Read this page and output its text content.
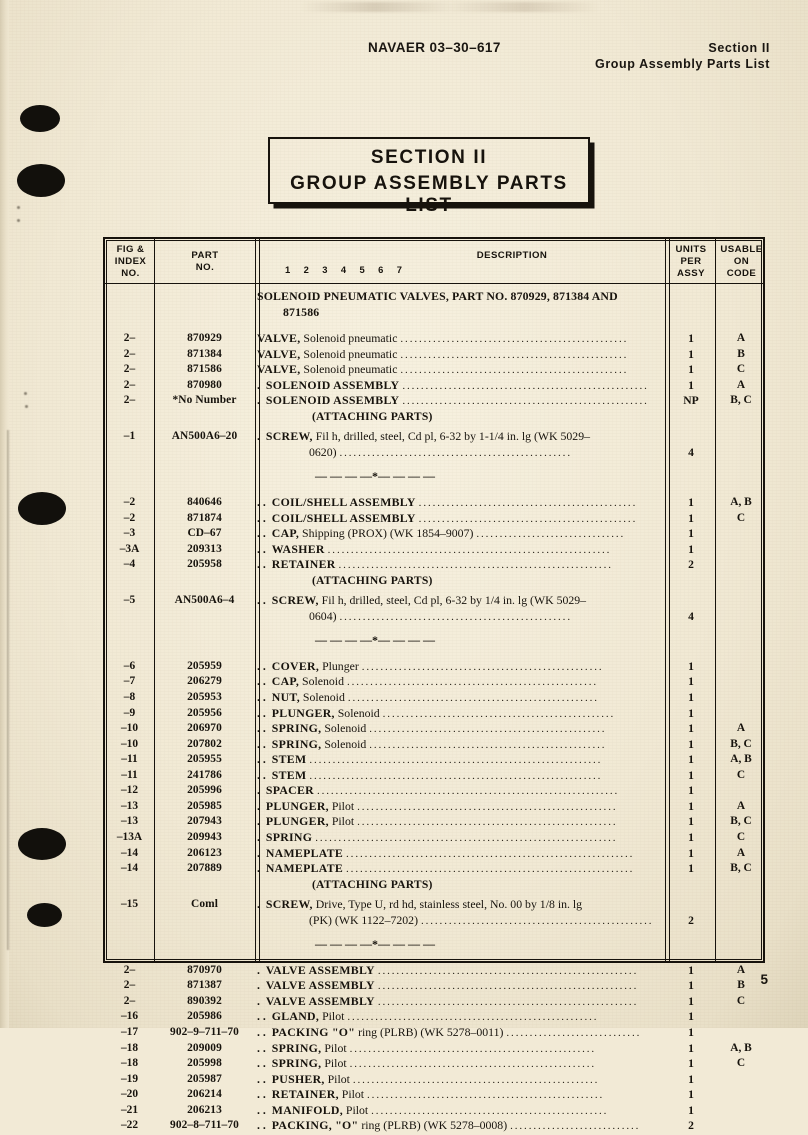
NAVAER 03–30–617	Section II
Group Assembly Parts List
SECTION II
GROUP ASSEMBLY PARTS LIST
FIG &
INDEX
NO.
PART
NO.
DESCRIPTION
1 2 3 4 5 6 7
UNITS
PER
ASSY
USABLE
ON
CODE
SOLENOID PNEUMATIC VALVES, PART NO. 870929, 871384 AND
871586
2–	870929	VALVE, Solenoid pneumatic .................................................	1	A
2–	871384	VALVE, Solenoid pneumatic .................................................	1	B
2–	871586	VALVE, Solenoid pneumatic .................................................	1	C
2–	870980	. SOLENOID ASSEMBLY .....................................................	1	A
2–	*No Number	. SOLENOID ASSEMBLY .....................................................	NP	B, C
(ATTACHING PARTS)
–1	AN500A6–20	. SCREW, Fil h, drilled, steel, Cd pl, 6-32 by 1-1/4 in. lg (WK 5029–
0620) ..................................................	4
— — — —*— — — —
–2	840646	. . COIL/SHELL ASSEMBLY ...............................................	1	A, B
–2	871874	. . COIL/SHELL ASSEMBLY ...............................................	1	C
–3	CD–67	. . CAP, Shipping (PROX) (WK 1854–9007) ................................	1
–3A	209313	. . WASHER .............................................................	1
–4	205958	. . RETAINER ...........................................................	2
(ATTACHING PARTS)
–5	AN500A6–4	. . SCREW, Fil h, drilled, steel, Cd pl, 6-32 by 1/4 in. lg (WK 5029–
0604) ..................................................	4
— — — —*— — — —
–6	205959	. . COVER, Plunger ....................................................	1
–7	206279	. . CAP, Solenoid ......................................................	1
–8	205953	. . NUT, Solenoid ......................................................	1
–9	205956	. . PLUNGER, Solenoid ..................................................	1
–10	206970	. . SPRING, Solenoid ...................................................	1	A
–10	207802	. . SPRING, Solenoid ...................................................	1	B, C
–11	205955	. . STEM ...............................................................	1	A, B
–11	241786	. . STEM ...............................................................	1	C
–12	205996	. SPACER .................................................................	1
–13	205985	. PLUNGER, Pilot ........................................................	1	A
–13	207943	. PLUNGER, Pilot ........................................................	1	B, C
–13A	209943	. SPRING .................................................................	1	C
–14	206123	. NAMEPLATE ..............................................................	1	A
–14	207889	. NAMEPLATE ..............................................................	1	B, C
(ATTACHING PARTS)
–15	Coml	. SCREW, Drive, Type U, rd hd, stainless steel, No. 00 by 1/8 in. lg
(PK) (WK 1122–7202) ..................................................	2
— — — —*— — — —
2–	870970	. VALVE ASSEMBLY ........................................................	1	A
2–	871387	. VALVE ASSEMBLY ........................................................	1	B
2–	890392	. VALVE ASSEMBLY ........................................................	1	C
–16	205986	. . GLAND, Pilot ......................................................	1
–17	902–9–711–70	. . PACKING "O" ring (PLRB) (WK 5278–0011) .............................	1
–18	209009	. . SPRING, Pilot .....................................................	1	A, B
–18	205998	. . SPRING, Pilot .....................................................	1	C
–19	205987	. . PUSHER, Pilot .....................................................	1
–20	206214	. . RETAINER, Pilot ...................................................	1
–21	206213	. . MANIFOLD, Pilot ...................................................	1
–22	902–8–711–70	. . PACKING, "O" ring (PLRB) (WK 5278–0008) ............................	2
5
